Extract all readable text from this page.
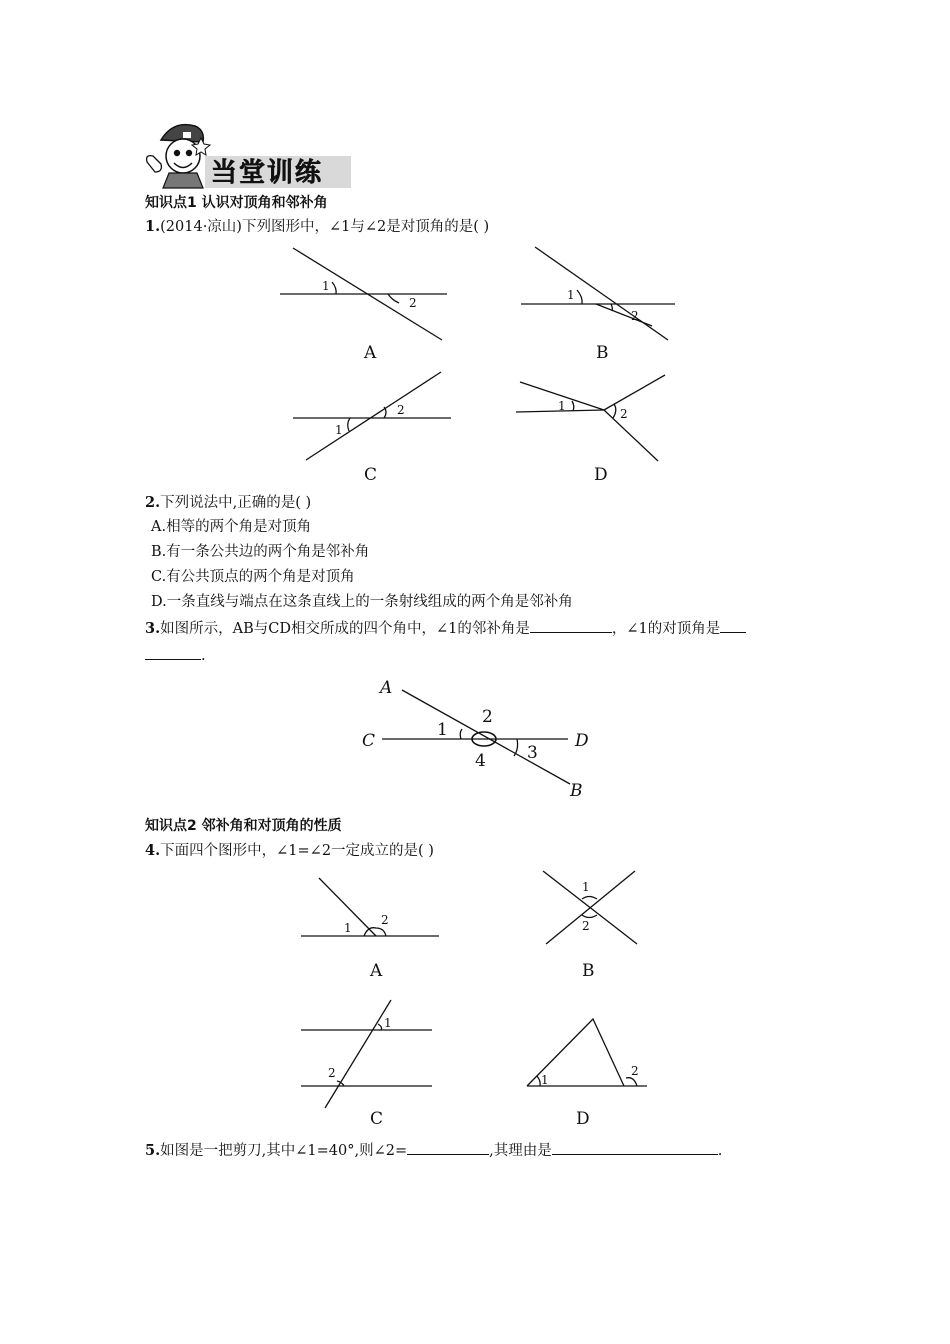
当堂训练
知识点1 认识对顶角和邻补角
1.(2014·凉山)下列图形中，∠1与∠2是对顶角的是( )
1
2
A
1
2
B
1
2
C
1
2
D
2.下列说法中,正确的是( )
A.相等的两个角是对顶角
B.有一条公共边的两个角是邻补角
C.有公共顶点的两个角是对顶角
D.一条直线与端点在这条直线上的一条射线组成的两个角是邻补角
3.如图所示，AB与CD相交所成的四个角中，∠1的邻补角是	，∠1的对顶角是
.
A
B
C	D
1
2
3
4
知识点2 邻补角和对顶角的性质
4.下面四个图形中，∠1=∠2一定成立的是( )
1
2
A
1
2
B
1
2
C
1
2
D
5.如图是一把剪刀,其中∠1=40°,则∠2=	,其理由是	.
